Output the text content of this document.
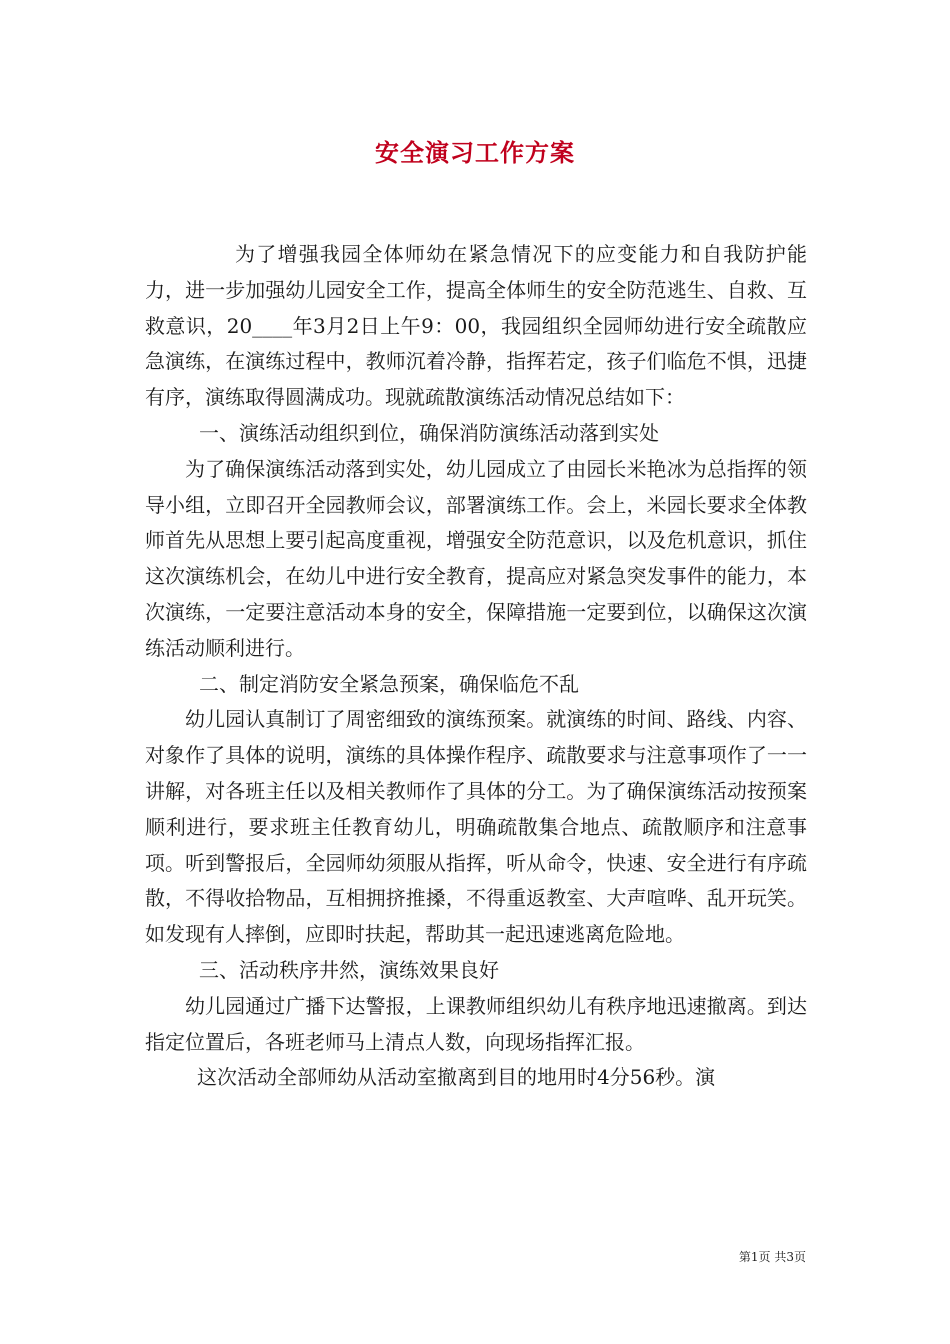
安全演习工作方案

为了增强我园全体师幼在紧急情况下的应变能力和自我防护能力，进一步加强幼儿园安全工作，提高全体师生的安全防范逃生、自救、互救意识，20____年3月2日上午9：00，我园组织全园师幼进行安全疏散应急演练，在演练过程中，教师沉着冷静，指挥若定，孩子们临危不惧，迅捷有序，演练取得圆满成功。现就疏散演练活动情况总结如下：

一、演练活动组织到位，确保消防演练活动落到实处

为了确保演练活动落到实处，幼儿园成立了由园长米艳冰为总指挥的领导小组，立即召开全园教师会议，部署演练工作。会上，米园长要求全体教师首先从思想上要引起高度重视，增强安全防范意识，以及危机意识，抓住这次演练机会，在幼儿中进行安全教育，提高应对紧急突发事件的能力，本次演练，一定要注意活动本身的安全，保障措施一定要到位，以确保这次演练活动顺利进行。

二、制定消防安全紧急预案，确保临危不乱

幼儿园认真制订了周密细致的演练预案。就演练的时间、路线、内容、对象作了具体的说明，演练的具体操作程序、疏散要求与注意事项作了一一讲解，对各班主任以及相关教师作了具体的分工。为了确保演练活动按预案顺利进行，要求班主任教育幼儿，明确疏散集合地点、疏散顺序和注意事项。听到警报后，全园师幼须服从指挥，听从命令，快速、安全进行有序疏散，不得收拾物品，互相拥挤推搡，不得重返教室、大声喧哗、乱开玩笑。如发现有人摔倒，应即时扶起，帮助其一起迅速逃离危险地。

三、活动秩序井然，演练效果良好

幼儿园通过广播下达警报，上课教师组织幼儿有秩序地迅速撤离。到达指定位置后，各班老师马上清点人数，向现场指挥汇报。

这次活动全部师幼从活动室撤离到目的地用时4分56秒。演

第1页 共3页
